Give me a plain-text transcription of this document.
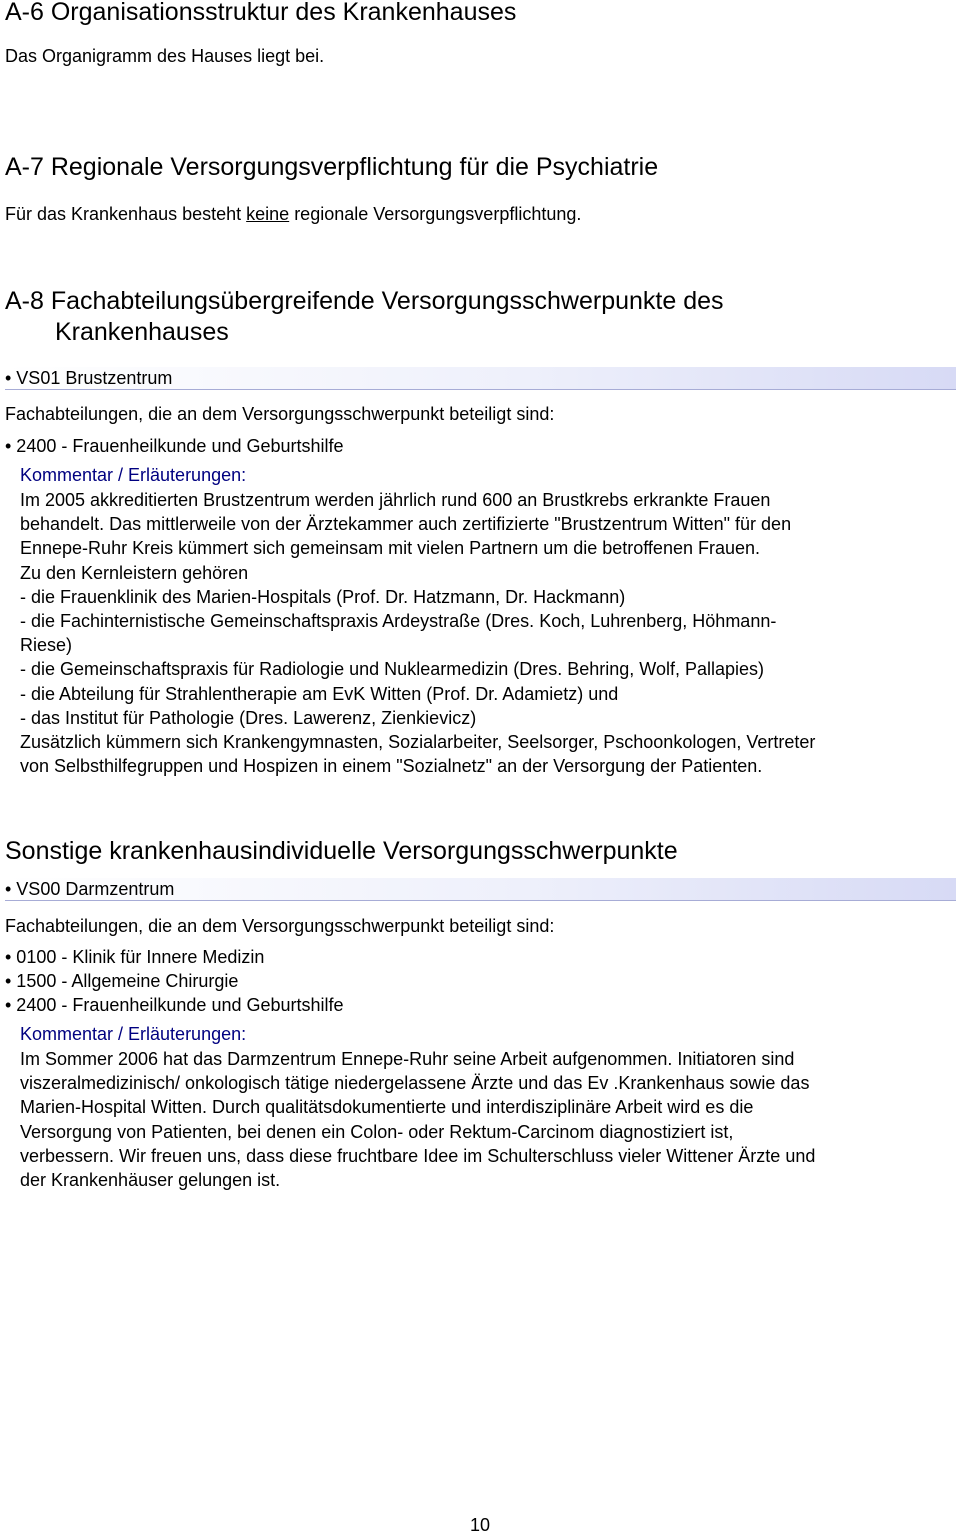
A-6 Organisationsstruktur des Krankenhauses
Das Organigramm des Hauses liegt bei.
A-7 Regionale Versorgungsverpflichtung für die Psychiatrie
Für das Krankenhaus besteht keine regionale Versorgungsverpflichtung.
A-8 Fachabteilungsübergreifende Versorgungsschwerpunkte des
Krankenhauses
• VS01 Brustzentrum
Fachabteilungen, die an dem Versorgungsschwerpunkt beteiligt sind:
• 2400 - Frauenheilkunde und Geburtshilfe
Kommentar / Erläuterungen:
Im 2005 akkreditierten Brustzentrum werden jährlich rund 600 an Brustkrebs erkrankte Frauen
behandelt. Das mittlerweile von der Ärztekammer auch zertifizierte "Brustzentrum Witten" für den
Ennepe-Ruhr Kreis kümmert sich gemeinsam mit vielen Partnern um die betroffenen Frauen.
Zu den Kernleistern gehören
- die Frauenklinik des Marien-Hospitals (Prof. Dr. Hatzmann, Dr. Hackmann)
- die Fachinternistische Gemeinschaftspraxis Ardeystraße (Dres. Koch, Luhrenberg, Höhmann-
Riese)
- die Gemeinschaftspraxis für Radiologie und Nuklearmedizin (Dres. Behring, Wolf, Pallapies)
- die Abteilung für Strahlentherapie am EvK Witten (Prof. Dr. Adamietz) und
- das Institut für Pathologie (Dres. Lawerenz, Zienkievicz)
Zusätzlich kümmern sich Krankengymnasten, Sozialarbeiter, Seelsorger, Pschoonkologen, Vertreter
von Selbsthilfegruppen und Hospizen in einem "Sozialnetz" an der Versorgung der Patienten.
Sonstige krankenhausindividuelle Versorgungsschwerpunkte
• VS00 Darmzentrum
Fachabteilungen, die an dem Versorgungsschwerpunkt beteiligt sind:
• 0100 - Klinik für Innere Medizin
• 1500 - Allgemeine Chirurgie
• 2400 - Frauenheilkunde und Geburtshilfe
Kommentar / Erläuterungen:
Im Sommer 2006 hat das Darmzentrum Ennepe-Ruhr seine Arbeit aufgenommen. Initiatoren sind
viszeralmedizinisch/ onkologisch tätige niedergelassene Ärzte und das Ev .Krankenhaus sowie das
Marien-Hospital Witten. Durch qualitätsdokumentierte und interdisziplinäre Arbeit wird es die
Versorgung von Patienten, bei denen ein Colon- oder Rektum-Carcinom diagnostiziert ist,
verbessern. Wir freuen uns, dass diese fruchtbare Idee im Schulterschluss vieler Wittener Ärzte und
der Krankenhäuser gelungen ist.
10
